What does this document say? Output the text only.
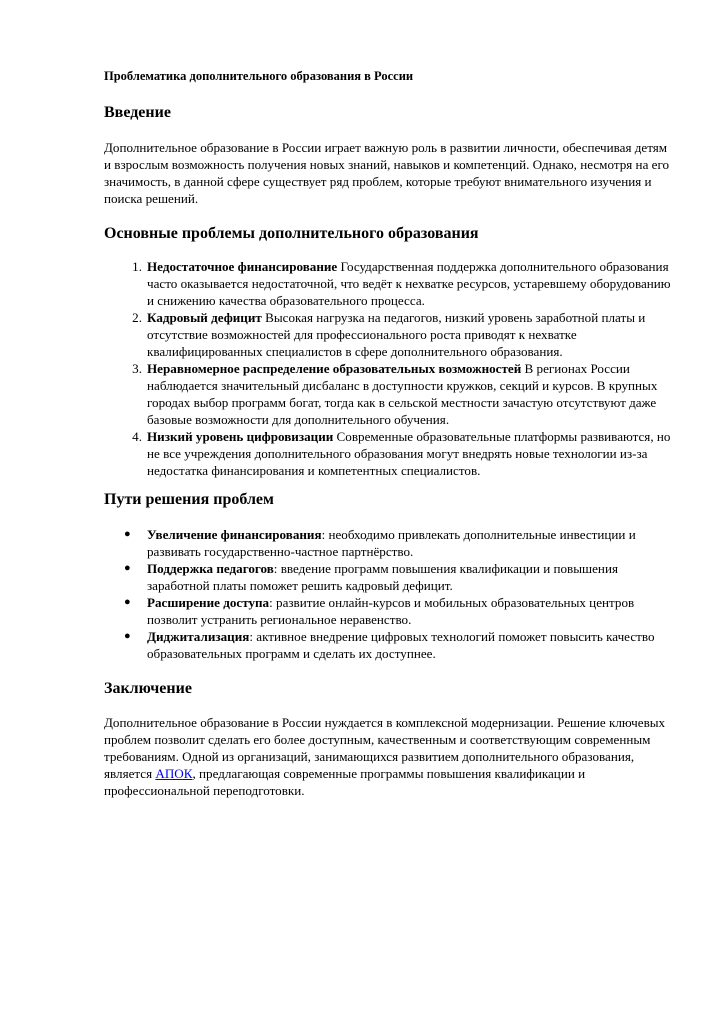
Проблематика дополнительного образования в России
Введение

Дополнительное образование в России играет важную роль в развитии личности, обеспечивая детям и взрослым возможность получения новых знаний, навыков и компетенций. Однако, несмотря на его значимость, в данной сфере существует ряд проблем, которые требуют внимательного изучения и поиска решений.

Основные проблемы дополнительного образования
1. Недостаточное финансирование Государственная поддержка дополнительного образования часто оказывается недостаточной, что ведёт к нехватке ресурсов, устаревшему оборудованию и снижению качества образовательного процесса.
2. Кадровый дефицит Высокая нагрузка на педагогов, низкий уровень заработной платы и отсутствие возможностей для профессионального роста приводят к нехватке квалифицированных специалистов в сфере дополнительного образования.
3. Неравномерное распределение образовательных возможностей В регионах России наблюдается значительный дисбаланс в доступности кружков, секций и курсов. В крупных городах выбор программ богат, тогда как в сельской местности зачастую отсутствуют даже базовые возможности для дополнительного обучения.
4. Низкий уровень цифровизации Современные образовательные платформы развиваются, но не все учреждения дополнительного образования могут внедрять новые технологии из-за недостатка финансирования и компетентных специалистов.
Пути решения проблем
● Увеличение финансирования: необходимо привлекать дополнительные инвестиции и развивать государственно-частное партнёрство.
● Поддержка педагогов: введение программ повышения квалификации и повышения заработной платы поможет решить кадровый дефицит.
● Расширение доступа: развитие онлайн-курсов и мобильных образовательных центров позволит устранить региональное неравенство.
● Диджитализация: активное внедрение цифровых технологий поможет повысить качество образовательных программ и сделать их доступнее.
Заключение

Дополнительное образование в России нуждается в комплексной модернизации. Решение ключевых проблем позволит сделать его более доступным, качественным и соответствующим современным требованиям. Одной из организаций, занимающихся развитием дополнительного образования, является АПОК, предлагающая современные программы повышения квалификации и профессиональной переподготовки.
